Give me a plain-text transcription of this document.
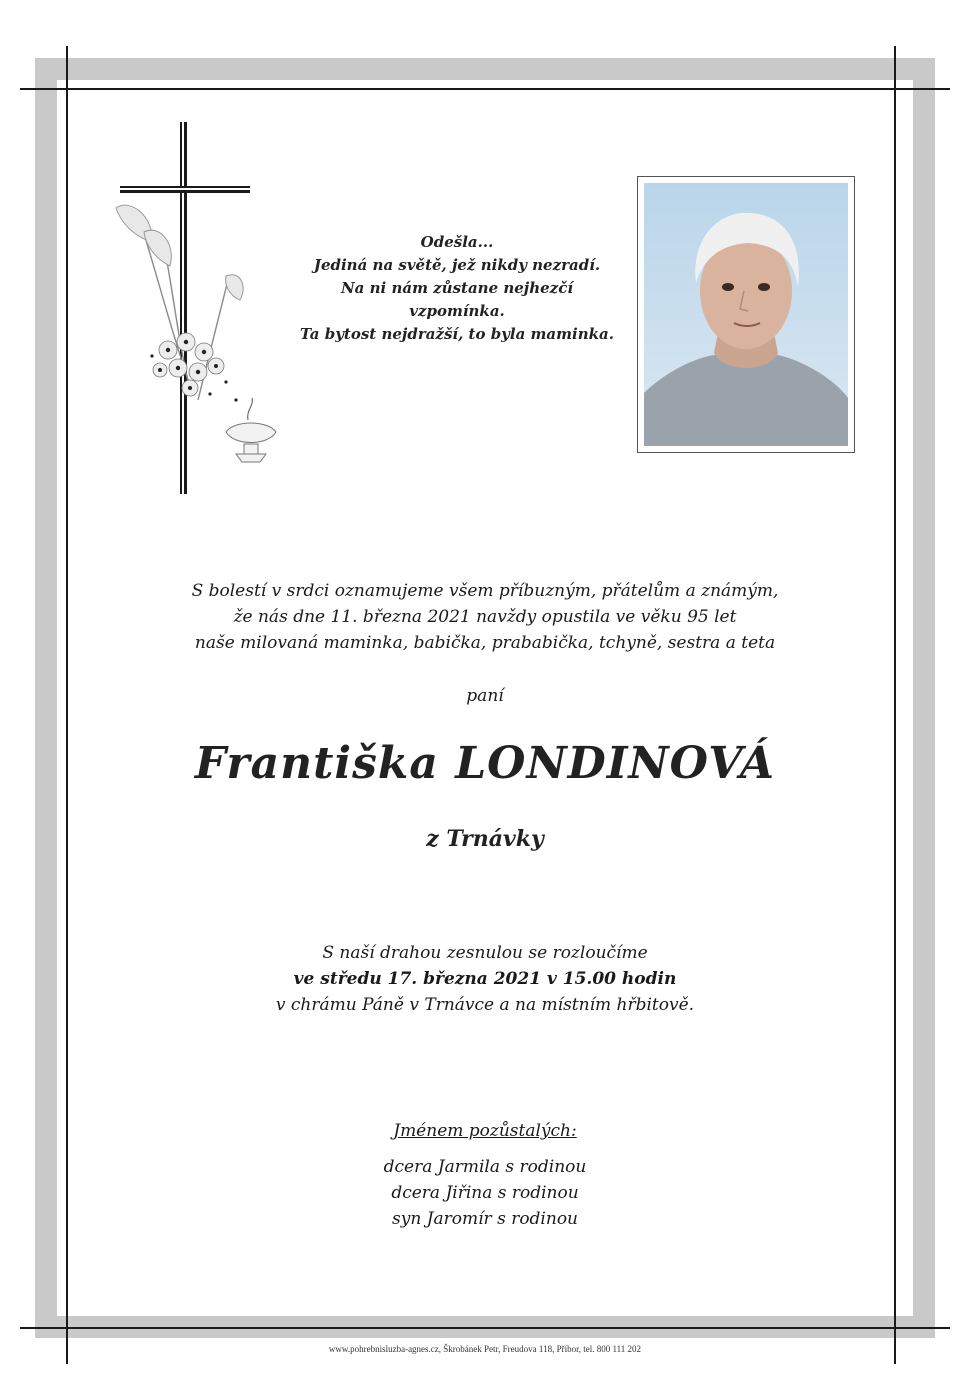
Odešla...
Jediná na světě, jež nikdy nezradí.
Na ni nám zůstane nejhezčí vzpomínka.
Ta bytost nejdražší, to byla maminka.
S bolestí v srdci oznamujeme všem příbuzným, přátelům a známým,
že nás dne 11. března 2021 navždy opustila ve věku 95 let
naše milovaná maminka, babička, prababička, tchyně, sestra a teta
paní
Františka LONDINOVÁ
z Trnávky
S naší drahou zesnulou se rozloučíme
ve středu 17. března 2021 v 15.00 hodin
v chrámu Páně v Trnávce a na místním hřbitově.
Jménem pozůstalých:
dcera Jarmila s rodinou
dcera Jiřina s rodinou
syn Jaromír s rodinou
www.pohrebnisluzba-agnes.cz, Škrobánek Petr, Freudova 118, Příbor, tel. 800 111 202
